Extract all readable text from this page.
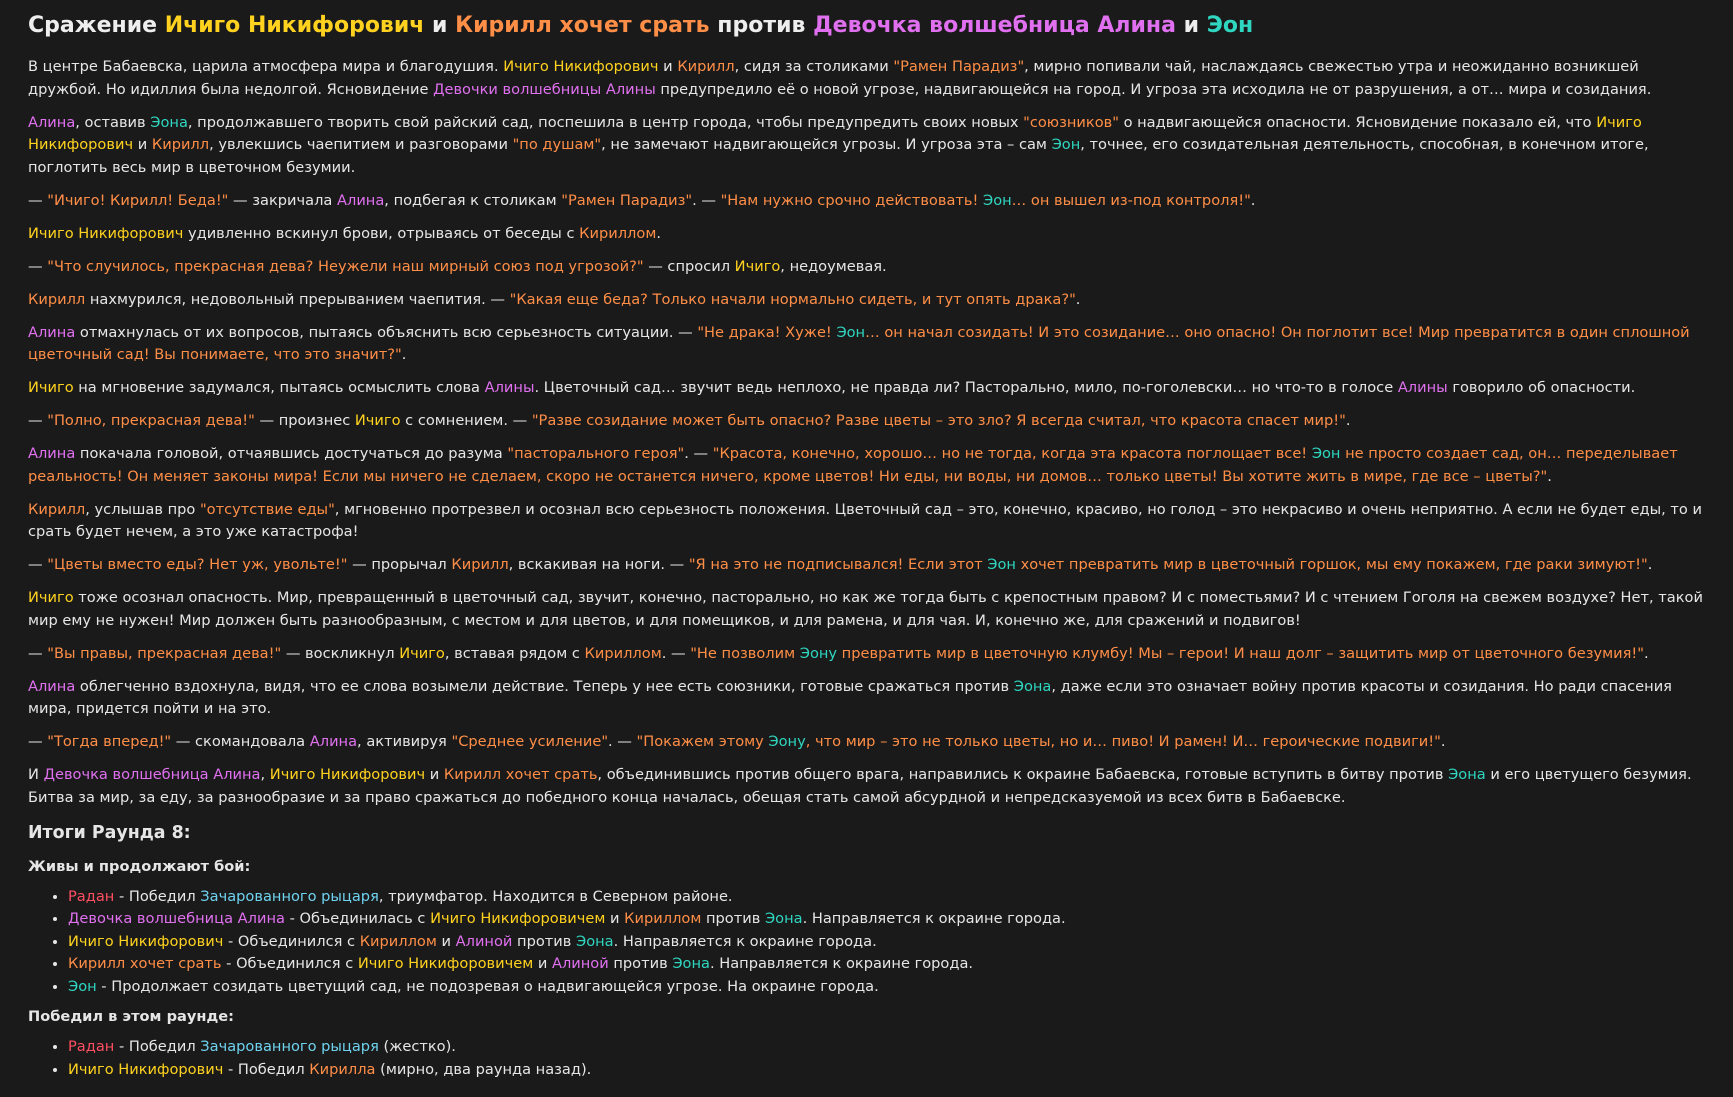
Сражение Ичиго Никифорович и Кирилл хочет срать против Девочка волшебница Алина и Эон

В центре Бабаевска, царила атмосфера мира и благодушия. Ичиго Никифорович и Кирилл, сидя за столиками "Рамен Парадиз", мирно попивали чай, наслаждаясь свежестью утра и неожиданно возникшей дружбой. Но идиллия была недолгой. Ясновидение Девочки волшебницы Алины предупредило её о новой угрозе, надвигающейся на город. И угроза эта исходила не от разрушения, а от… мира и созидания.

Алина, оставив Эона, продолжавшего творить свой райский сад, поспешила в центр города, чтобы предупредить своих новых "союзников" о надвигающейся опасности. Ясновидение показало ей, что Ичиго Никифорович и Кирилл, увлекшись чаепитием и разговорами "по душам", не замечают надвигающейся угрозы. И угроза эта – сам Эон, точнее, его созидательная деятельность, способная, в конечном итоге, поглотить весь мир в цветочном безумии.

— "Ичиго! Кирилл! Беда!" — закричала Алина, подбегая к столикам "Рамен Парадиз". — "Нам нужно срочно действовать! Эон… он вышел из-под контроля!".

Ичиго Никифорович удивленно вскинул брови, отрываясь от беседы с Кириллом.

— "Что случилось, прекрасная дева? Неужели наш мирный союз под угрозой?" — спросил Ичиго, недоумевая.

Кирилл нахмурился, недовольный прерыванием чаепития. — "Какая еще беда? Только начали нормально сидеть, и тут опять драка?".

Алина отмахнулась от их вопросов, пытаясь объяснить всю серьезность ситуации. — "Не драка! Хуже! Эон… он начал созидать! И это созидание… оно опасно! Он поглотит все! Мир превратится в один сплошной цветочный сад! Вы понимаете, что это значит?".

Ичиго на мгновение задумался, пытаясь осмыслить слова Алины. Цветочный сад… звучит ведь неплохо, не правда ли? Пасторально, мило, по-гоголевски… но что-то в голосе Алины говорило об опасности.

— "Полно, прекрасная дева!" — произнес Ичиго с сомнением. — "Разве созидание может быть опасно? Разве цветы – это зло? Я всегда считал, что красота спасет мир!".

Алина покачала головой, отчаявшись достучаться до разума "пасторального героя". — "Красота, конечно, хорошо… но не тогда, когда эта красота поглощает все! Эон не просто создает сад, он… переделывает реальность! Он меняет законы мира! Если мы ничего не сделаем, скоро не останется ничего, кроме цветов! Ни еды, ни воды, ни домов… только цветы! Вы хотите жить в мире, где все – цветы?".

Кирилл, услышав про "отсутствие еды", мгновенно протрезвел и осознал всю серьезность положения. Цветочный сад – это, конечно, красиво, но голод – это некрасиво и очень неприятно. А если не будет еды, то и срать будет нечем, а это уже катастрофа!

— "Цветы вместо еды? Нет уж, увольте!" — прорычал Кирилл, вскакивая на ноги. — "Я на это не подписывался! Если этот Эон хочет превратить мир в цветочный горшок, мы ему покажем, где раки зимуют!".

Ичиго тоже осознал опасность. Мир, превращенный в цветочный сад, звучит, конечно, пасторально, но как же тогда быть с крепостным правом? И с поместьями? И с чтением Гоголя на свежем воздухе? Нет, такой мир ему не нужен! Мир должен быть разнообразным, с местом и для цветов, и для помещиков, и для рамена, и для чая. И, конечно же, для сражений и подвигов!

— "Вы правы, прекрасная дева!" — воскликнул Ичиго, вставая рядом с Кириллом. — "Не позволим Эону превратить мир в цветочную клумбу! Мы – герои! И наш долг – защитить мир от цветочного безумия!".

Алина облегченно вздохнула, видя, что ее слова возымели действие. Теперь у нее есть союзники, готовые сражаться против Эона, даже если это означает войну против красоты и созидания. Но ради спасения мира, придется пойти и на это.

— "Тогда вперед!" — скомандовала Алина, активируя "Среднее усиление". — "Покажем этому Эону, что мир – это не только цветы, но и… пиво! И рамен! И… героические подвиги!".

И Девочка волшебница Алина, Ичиго Никифорович и Кирилл хочет срать, объединившись против общего врага, направились к окраине Бабаевска, готовые вступить в битву против Эона и его цветущего безумия. Битва за мир, за еду, за разнообразие и за право сражаться до победного конца началась, обещая стать самой абсурдной и непредсказуемой из всех битв в Бабаевске.

Итоги Раунда 8:
Живы и продолжают бой:
• Радан - Победил Зачарованного рыцаря, триумфатор. Находится в Северном районе.
• Девочка волшебница Алина - Объединилась с Ичиго Никифоровичем и Кириллом против Эона. Направляется к окраине города.
• Ичиго Никифорович - Объединился с Кириллом и Алиной против Эона. Направляется к окраине города.
• Кирилл хочет срать - Объединился с Ичиго Никифоровичем и Алиной против Эона. Направляется к окраине города.
• Эон - Продолжает созидать цветущий сад, не подозревая о надвигающейся угрозе. На окраине города.
Победил в этом раунде:
• Радан - Победил Зачарованного рыцаря (жестко).
• Ичиго Никифорович - Победил Кирилла (мирно, два раунда назад).
